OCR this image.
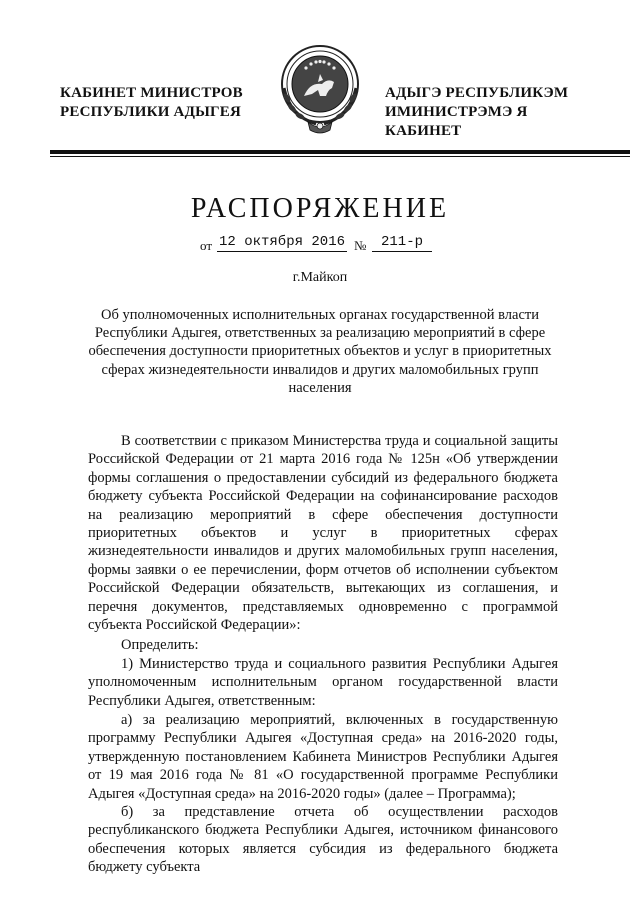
КАБИНЕТ МИНИСТРОВ
РЕСПУБЛИКИ АДЫГЕЯ
АДЫГЭ РЕСПУБЛИКЭМ
ИМИНИСТРЭМЭ Я КАБИНЕТ
РАСПОРЯЖЕНИЕ
от 12 октября 2016 №	211-р
г.Майкоп
Об уполномоченных исполнительных органах государственной власти Республики Адыгея, ответственных за реализацию мероприятий в сфере обеспечения доступности приоритетных объектов и услуг в приоритетных сферах жизнедеятельности инвалидов и других маломобильных групп населения

В соответствии с приказом Министерства труда и социальной защиты Российской Федерации от 21 марта 2016 года № 125н «Об утверждении формы соглашения о предоставлении субсидий из федерального бюджета бюджету субъекта Российской Федерации на софинансирование расходов на реализацию мероприятий в сфере обеспечения доступности приоритетных объектов и услуг в приоритетных сферах жизнедеятельности инвалидов и других маломобильных групп населения, формы заявки о ее перечислении, форм отчетов об исполнении субъектом Российской Федерации обязательств, вытекающих из соглашения, и перечня документов, представляемых одновременно с программой субъекта Российской Федерации»:

Определить:

1) Министерство труда и социального развития Республики Адыгея уполномоченным исполнительным органом государственной власти Республики Адыгея, ответственным:

а) за реализацию мероприятий, включенных в государственную программу Республики Адыгея «Доступная среда» на 2016-2020 годы, утвержденную постановлением Кабинета Министров Республики Адыгея от 19 мая 2016 года № 81 «О государственной программе Республики Адыгея «Доступная среда» на 2016-2020 годы» (далее – Программа);

б) за представление отчета об осуществлении расходов республиканского бюджета Республики Адыгея, источником финансового обеспечения которых является субсидия из федерального бюджета бюджету субъекта
